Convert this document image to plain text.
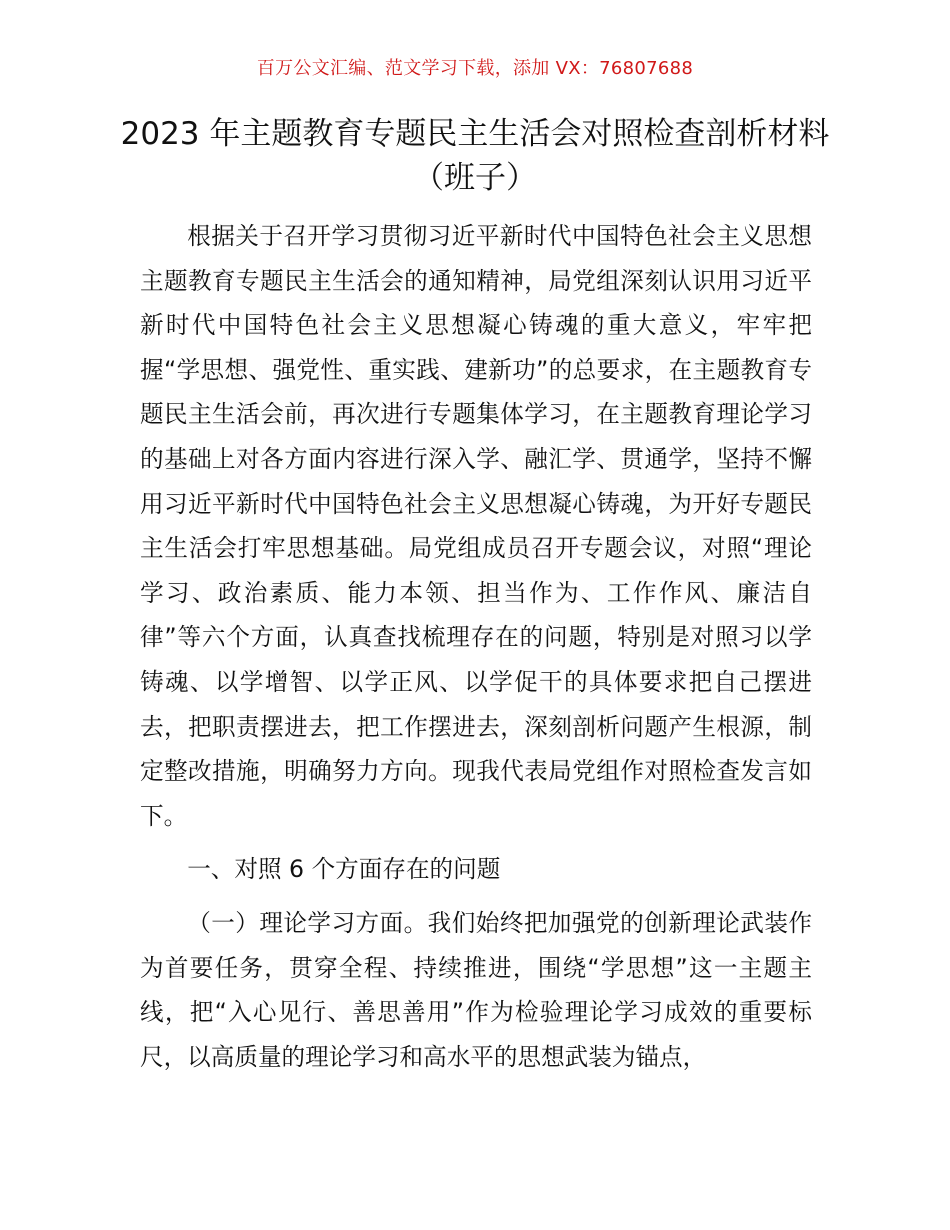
百万公文汇编、范文学习下载，添加 VX：76807688
2023 年主题教育专题民主生活会对照检查剖析材料（班子）

根据关于召开学习贯彻习近平新时代中国特色社会主义思想主题教育专题民主生活会的通知精神，局党组深刻认识用习近平新时代中国特色社会主义思想凝心铸魂的重大意义，牢牢把握“学思想、强党性、重实践、建新功”的总要求，在主题教育专题民主生活会前，再次进行专题集体学习，在主题教育理论学习的基础上对各方面内容进行深入学、融汇学、贯通学，坚持不懈用习近平新时代中国特色社会主义思想凝心铸魂，为开好专题民主生活会打牢思想基础。局党组成员召开专题会议，对照“理论学习、政治素质、能力本领、担当作为、工作作风、廉洁自律”等六个方面，认真查找梳理存在的问题，特别是对照习以学铸魂、以学增智、以学正风、以学促干的具体要求把自己摆进去，把职责摆进去，把工作摆进去，深刻剖析问题产生根源，制定整改措施，明确努力方向。现我代表局党组作对照检查发言如下。

一、对照 6 个方面存在的问题

（一）理论学习方面。我们始终把加强党的创新理论武装作为首要任务，贯穿全程、持续推进，围绕“学思想”这一主题主线，把“入心见行、善思善用”作为检验理论学习成效的重要标尺，以高质量的理论学习和高水平的思想武装为锚点，
